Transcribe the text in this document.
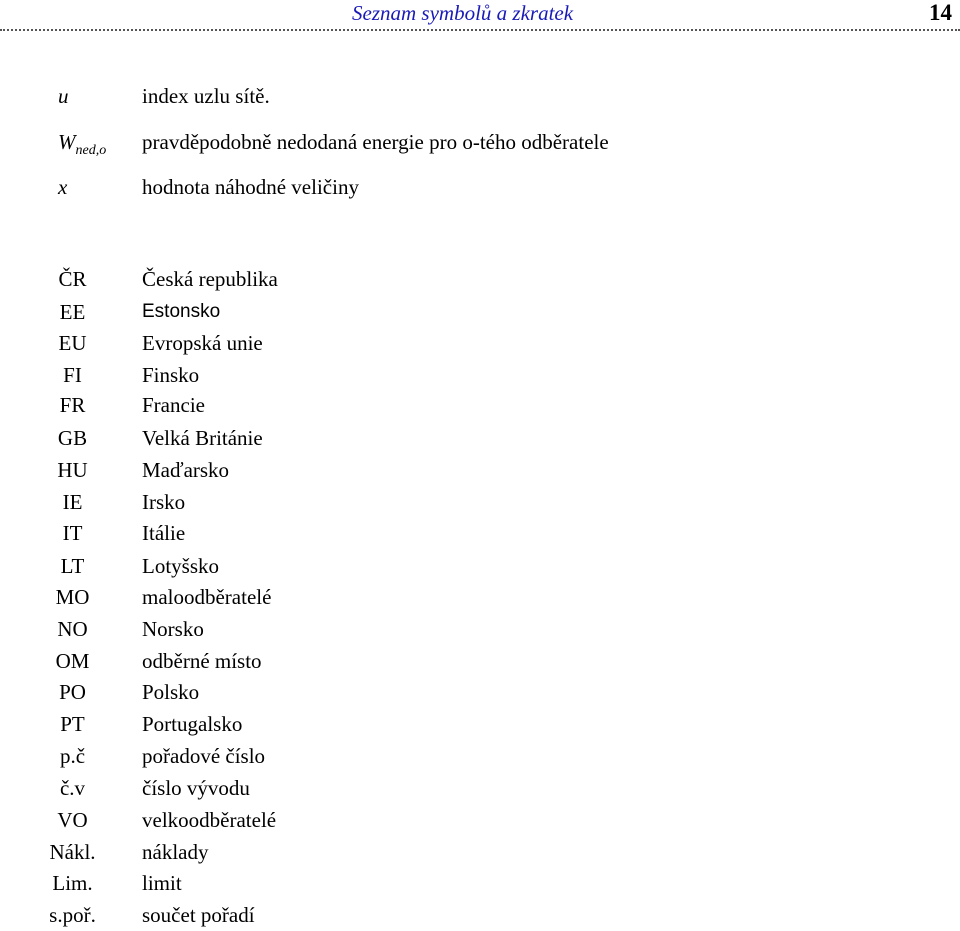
Seznam symbolů a zkratek	14
u	index uzlu sítě.
$W_{ned,o}$ pravděpodobně nedodaná energie pro o-tého odběratele
x	hodnota náhodné veličiny
ČR	Česká republika
EE	Estonsko
EU	Evropská unie
FI	Finsko
FR	Francie
GB	Velká Británie
HU	Maďarsko
IE	Irsko
IT	Itálie
LT	Lotyšsko
MO	maloodběratelé
NO	Norsko
OM	odběrné místo
PO	Polsko
PT	Portugalsko
p.č	pořadové číslo
č.v	číslo vývodu
VO	velkoodběratelé
Nákl.	náklady
Lim.	limit
s.poř.	součet pořadí
